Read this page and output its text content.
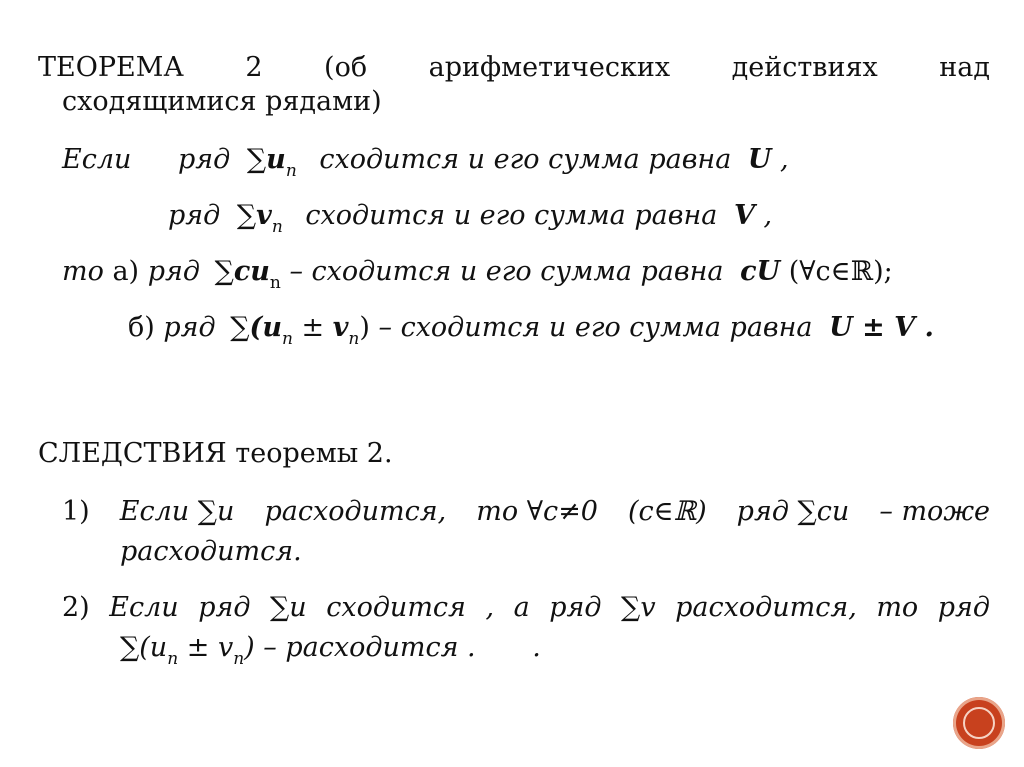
ТЕОРЕМА 2 (об арифметических действиях над
сходящимися рядами)
Если ряд $\sum u_n$ сходится и его сумма равна U ,
ряд $\sum v_n$ сходится и его сумма равна V ,
то а) ряд $\sum cu_n$ – сходится и его сумма равна cU (∀c∈ℝ);
б) ряд $\sum(u_n \pm v_n)$ – сходится и его сумма равна U ± V .
СЛЕДСТВИЯ теоремы 2.
1) Если ∑u расходится, то ∀c≠0 (c∈ℝ) ряд ∑cu – тоже
расходится.
2) Если ряд ∑u сходится , а ряд ∑v расходится, то ряд
$\sum(u_n \pm v_n)$ – расходится . .
